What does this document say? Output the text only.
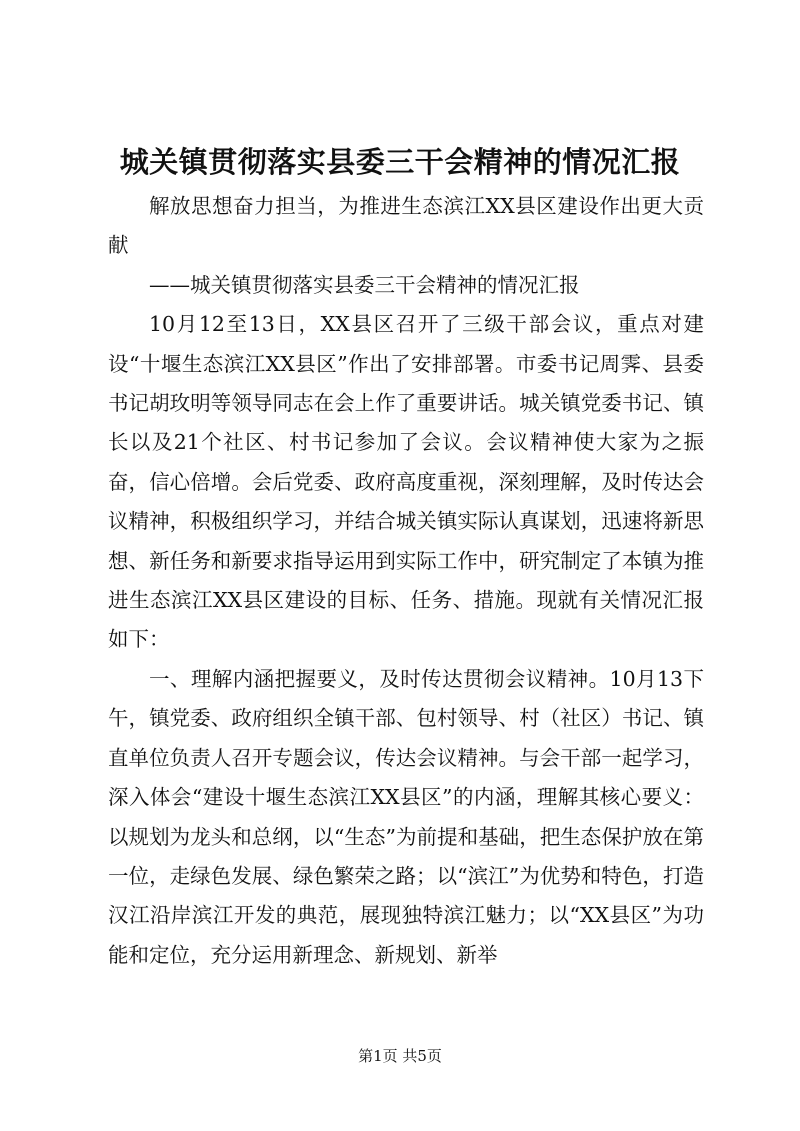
城关镇贯彻落实县委三干会精神的情况汇报

解放思想奋力担当，为推进生态滨江XX县区建设作出更大贡献

——城关镇贯彻落实县委三干会精神的情况汇报

10月12至13日，XX县区召开了三级干部会议，重点对建设“十堰生态滨江XX县区”作出了安排部署。市委书记周霁、县委书记胡玫明等领导同志在会上作了重要讲话。城关镇党委书记、镇长以及21个社区、村书记参加了会议。会议精神使大家为之振奋，信心倍增。会后党委、政府高度重视，深刻理解，及时传达会议精神，积极组织学习，并结合城关镇实际认真谋划，迅速将新思想、新任务和新要求指导运用到实际工作中，研究制定了本镇为推进生态滨江XX县区建设的目标、任务、措施。现就有关情况汇报如下：

一、理解内涵把握要义，及时传达贯彻会议精神。10月13下午，镇党委、政府组织全镇干部、包村领导、村（社区）书记、镇直单位负责人召开专题会议，传达会议精神。与会干部一起学习，深入体会“建设十堰生态滨江XX县区”的内涵，理解其核心要义：以规划为龙头和总纲，以“生态”为前提和基础，把生态保护放在第一位，走绿色发展、绿色繁荣之路；以“滨江”为优势和特色，打造汉江沿岸滨江开发的典范，展现独特滨江魅力；以“XX县区”为功能和定位，充分运用新理念、新规划、新举

第1页 共5页
